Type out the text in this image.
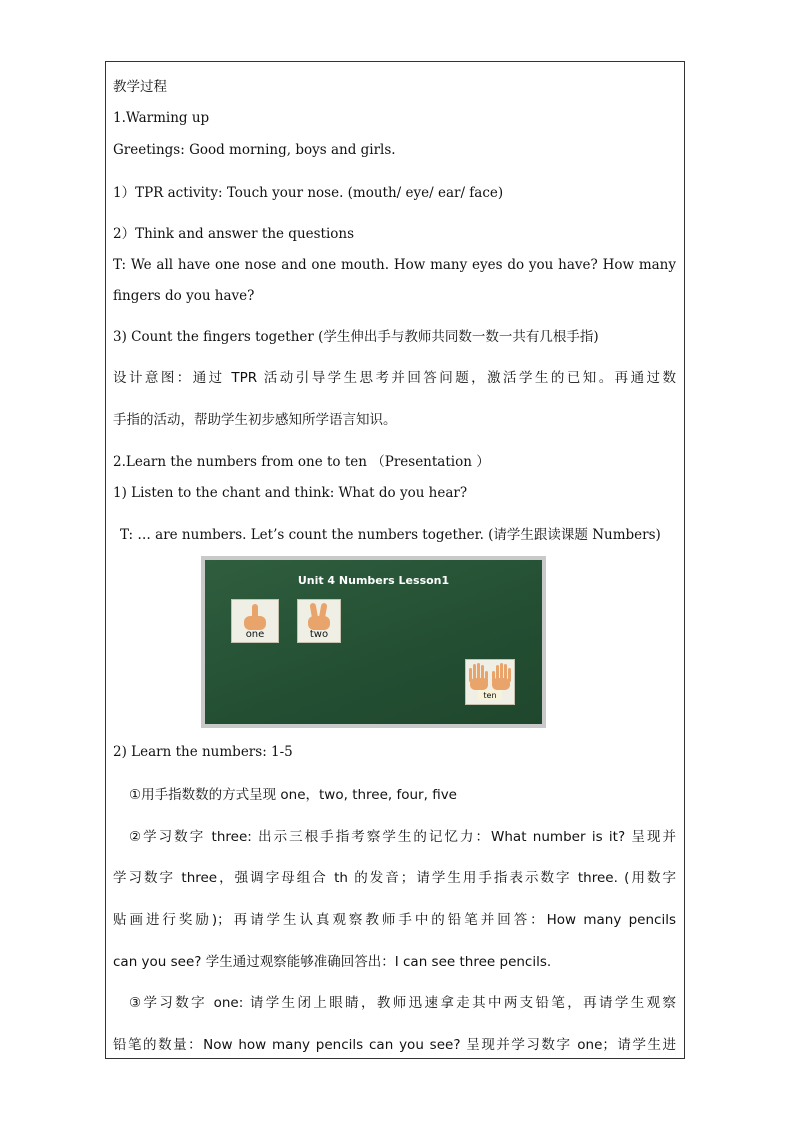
教学过程
1.Warming up
Greetings: Good morning, boys and girls.
1）TPR activity: Touch your nose. (mouth/ eye/ ear/ face)
2）Think and answer the questions
T: We all have one nose and one mouth. How many eyes do you have? How many
fingers do you have?
3) Count the fingers together (学生伸出手与教师共同数一数一共有几根手指)
设计意图：通过 TPR 活动引导学生思考并回答问题，激活学生的已知。再通过数
手指的活动，帮助学生初步感知所学语言知识。
2.Learn the numbers from one to ten （Presentation ）
1) Listen to the chant and think: What do you hear?
T: … are numbers. Let’s count the numbers together. (请学生跟读课题 Numbers)
Unit 4 Numbers Lesson1
one	two
ten
2) Learn the numbers: 1-5
①用手指数数的方式呈现 one，two, three, four, five
②学习数字 three: 出示三根手指考察学生的记忆力：What number is it? 呈现并
学习数字 three，强调字母组合 th 的发音；请学生用手指表示数字 three. (用数字
贴画进行奖励)；再请学生认真观察教师手中的铅笔并回答：How many pencils
can you see? 学生通过观察能够准确回答出：I can see three pencils.
③学习数字 one: 请学生闭上眼睛，教师迅速拿走其中两支铅笔，再请学生观察
铅笔的数量：Now how many pencils can you see? 呈现并学习数字 one；请学生进
